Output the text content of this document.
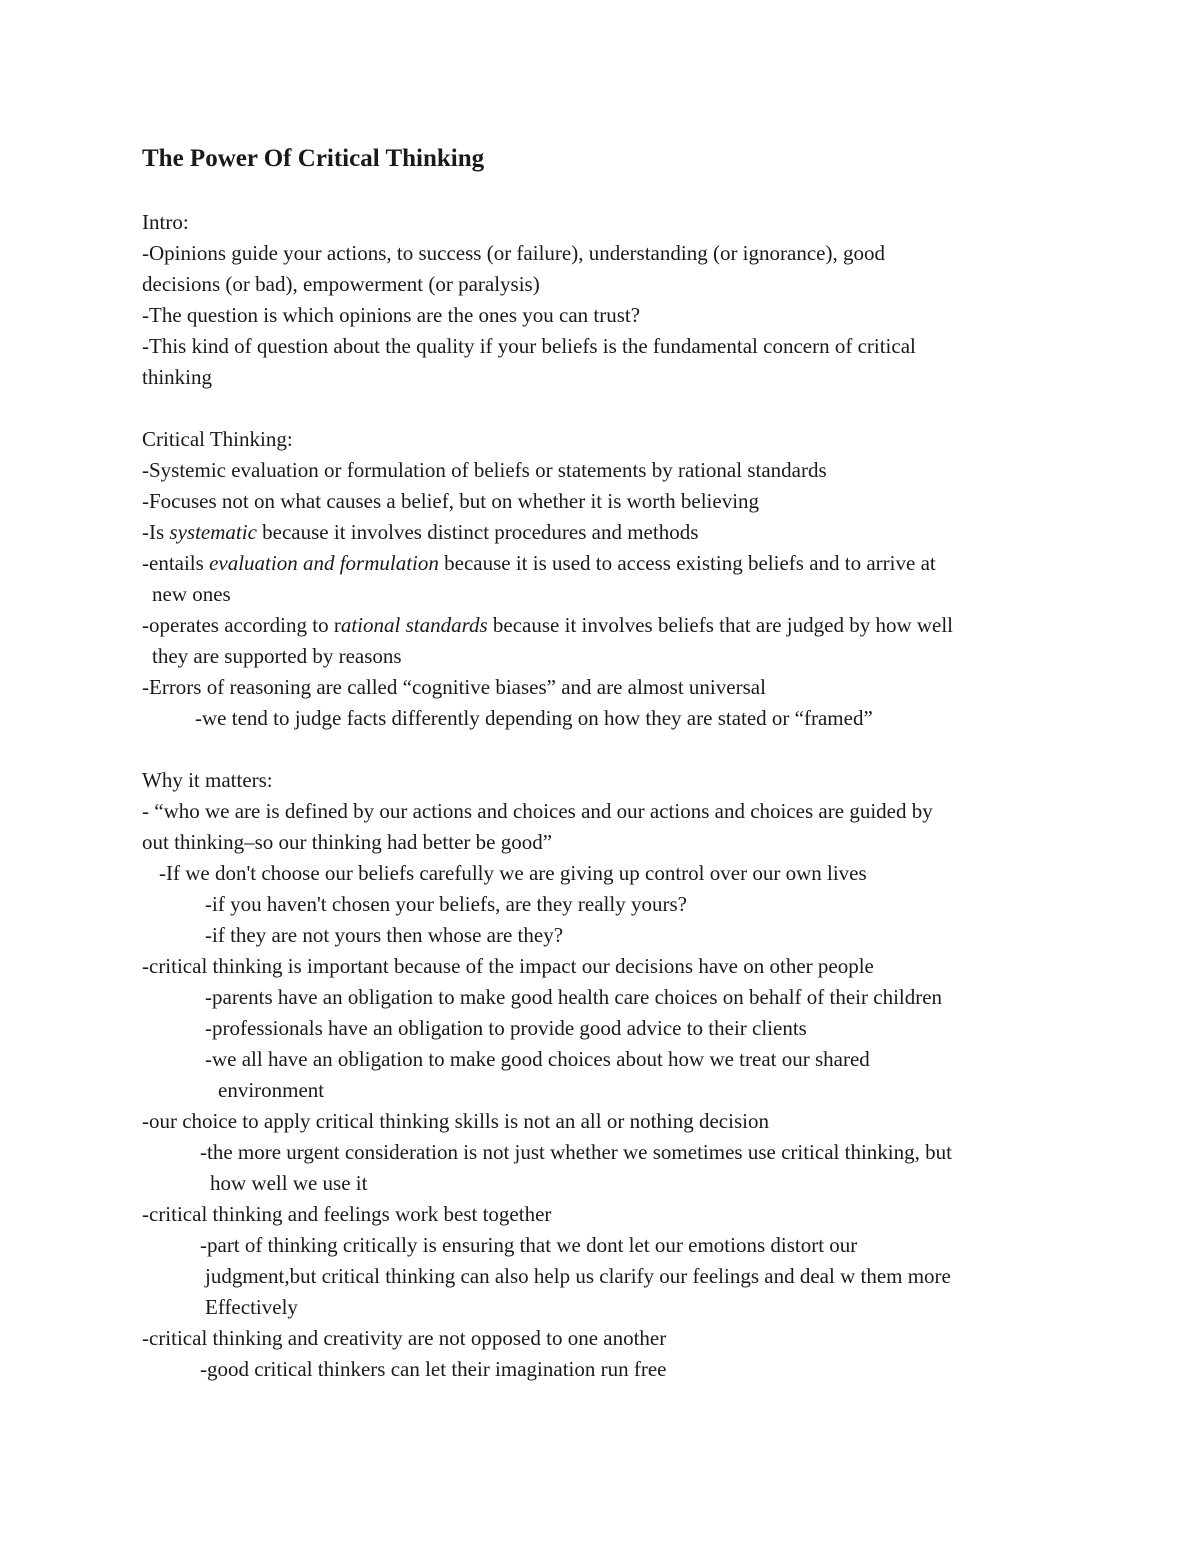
The Power Of Critical Thinking

Intro:

-Opinions guide your actions, to success (or failure), understanding (or ignorance), good

decisions (or bad), empowerment (or paralysis)

-The question is which opinions are the ones you can trust?

-This kind of question about the quality if your beliefs is the fundamental concern of critical

thinking

Critical Thinking:

-Systemic evaluation or formulation of beliefs or statements by rational standards

-Focuses not on what causes a belief, but on whether it is worth believing

-Is systematic because it involves distinct procedures and methods

-entails evaluation and formulation because it is used to access existing beliefs and to arrive at

new ones

-operates according to rational standards because it involves beliefs that are judged by how well

they are supported by reasons

-Errors of reasoning are called “cognitive biases” and are almost universal

-we tend to judge facts differently depending on how they are stated or “framed”

Why it matters:

- “who we are is defined by our actions and choices and our actions and choices are guided by

out thinking–so our thinking had better be good”

-If we don't choose our beliefs carefully we are giving up control over our own lives

-if you haven't chosen your beliefs, are they really yours?

-if they are not yours then whose are they?

-critical thinking is important because of the impact our decisions have on other people

-parents have an obligation to make good health care choices on behalf of their children

-professionals have an obligation to provide good advice to their clients

-we all have an obligation to make good choices about how we treat our shared

environment

-our choice to apply critical thinking skills is not an all or nothing decision

-the more urgent consideration is not just whether we sometimes use critical thinking, but

how well we use it

-critical thinking and feelings work best together

-part of thinking critically is ensuring that we dont let our emotions distort our

judgment,but critical thinking can also help us clarify our feelings and deal w them more

Effectively

-critical thinking and creativity are not opposed to one another

-good critical thinkers can let their imagination run free
